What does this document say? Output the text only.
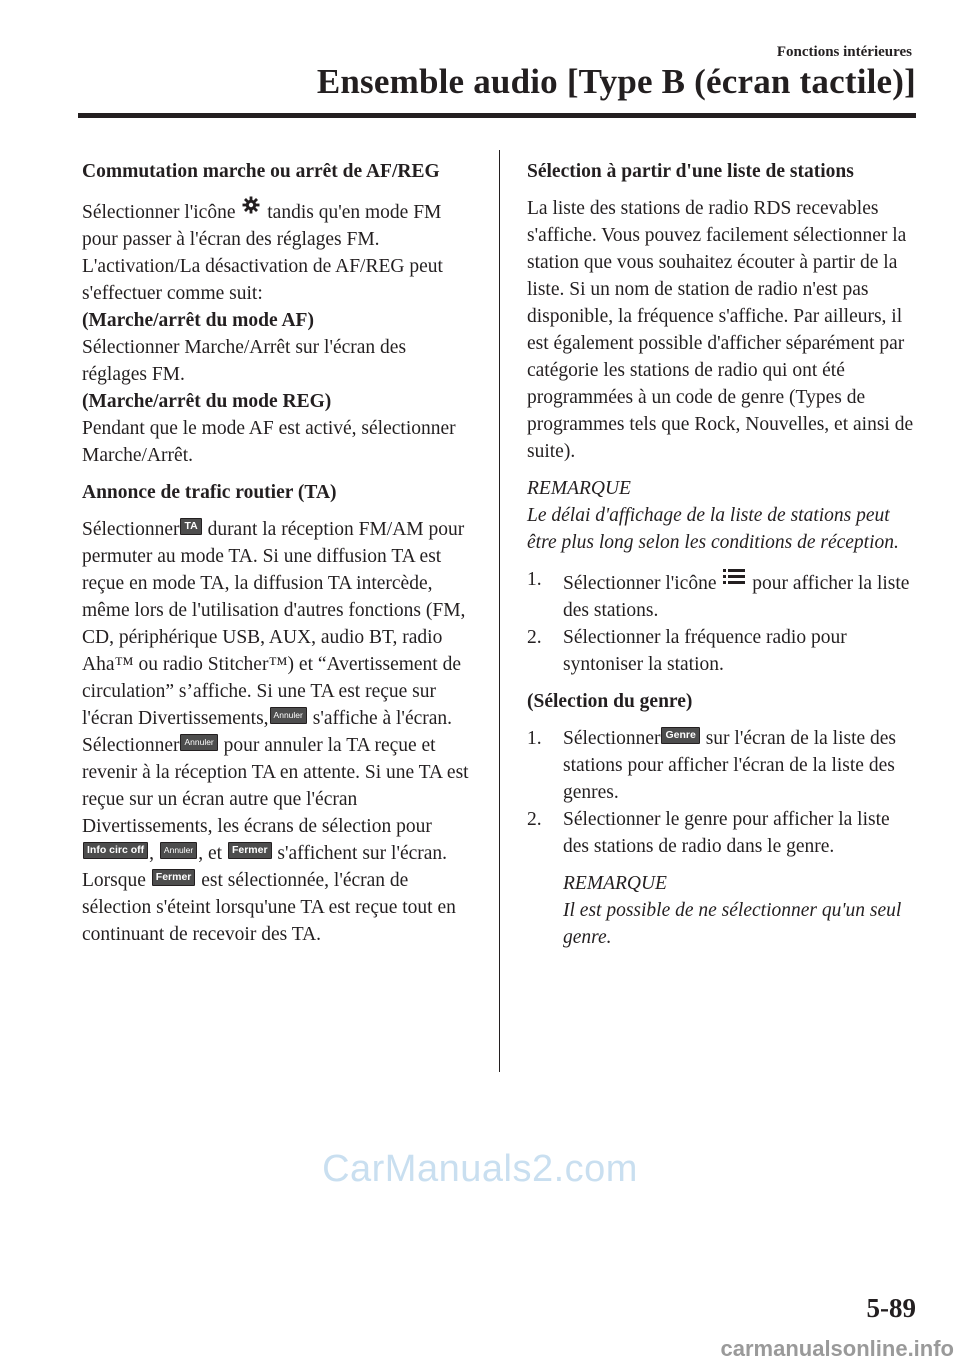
Fonctions intérieures
Ensemble audio [Type B (écran tactile)]

Commutation marche ou arrêt de AF/REG

Sélectionner l'icône tandis qu'en mode FM pour passer à l'écran des réglages FM. L'activation/La désactivation de AF/REG peut s'effectuer comme suit:

(Marche/arrêt du mode AF)

Sélectionner Marche/Arrêt sur l'écran des réglages FM.

(Marche/arrêt du mode REG)

Pendant que le mode AF est activé, sélectionner Marche/Arrêt.

Annonce de trafic routier (TA)

Sélectionner TA durant la réception FM/AM pour permuter au mode TA. Si une diffusion TA est reçue en mode TA, la diffusion TA intercède, même lors de l'utilisation d'autres fonctions (FM, CD, périphérique USB, AUX, audio BT, radio Aha™ ou radio Stitcher™) et “Avertissement de circulation” s’affiche. Si une TA est reçue sur l'écran Divertissements, Annuler s'affiche à l'écran.

Sélectionner Annuler pour annuler la TA reçue et revenir à la réception TA en attente. Si une TA est reçue sur un écran autre que l'écran Divertissements, les écrans de sélection pour Info circ off , Annuler , et Fermer s'affichent sur l'écran. Lorsque Fermer est sélectionnée, l'écran de sélection s'éteint lorsqu'une TA est reçue tout en continuant de recevoir des TA.

Sélection à partir d'une liste de stations

La liste des stations de radio RDS recevables s'affiche. Vous pouvez facilement sélectionner la station que vous souhaitez écouter à partir de la liste. Si un nom de station de radio n'est pas disponible, la fréquence s'affiche. Par ailleurs, il est également possible d'afficher séparément par catégorie les stations de radio qui ont été programmées à un code de genre (Types de programmes tels que Rock, Nouvelles, et ainsi de suite).

REMARQUE

Le délai d'affichage de la liste de stations peut être plus long selon les conditions de réception.

1. Sélectionner l'icône pour afficher la liste des stations.

2. Sélectionner la fréquence radio pour syntoniser la station.

(Sélection du genre)

1. Sélectionner Genre sur l'écran de la liste des stations pour afficher l'écran de la liste des genres.

2. Sélectionner le genre pour afficher la liste des stations de radio dans le genre.

REMARQUE

Il est possible de ne sélectionner qu'un seul genre.

CarManuals2.com
5-89
carmanualsonline.info
